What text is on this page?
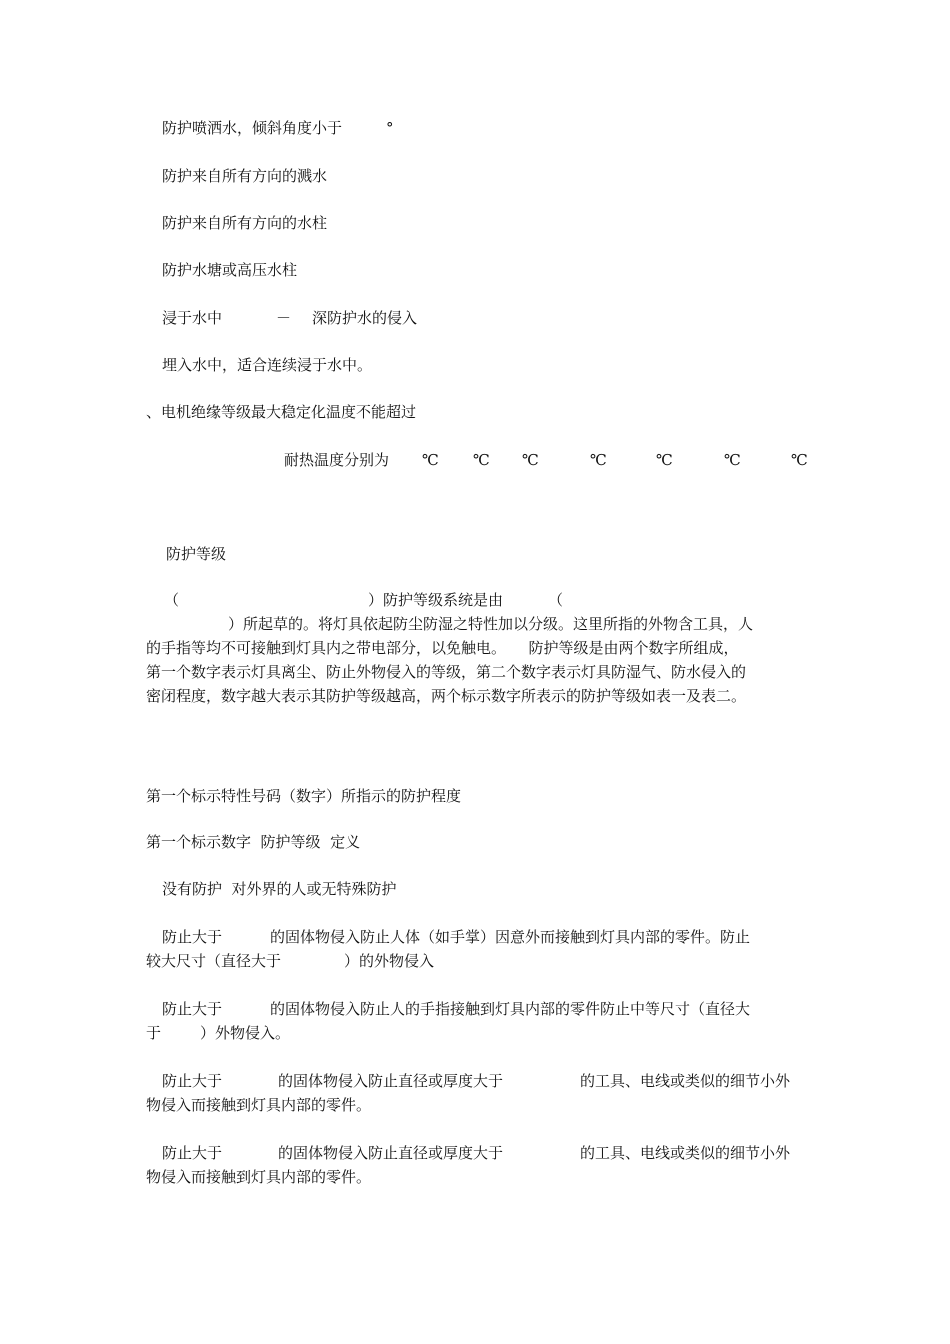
防护喷洒水，倾斜角度小于	°
防护来自所有方向的溅水
防护来自所有方向的水柱
防护水塘或高压水柱
浸于水中	－ 深防护水的侵入
埋入水中，适合连续浸于水中。
、电机绝缘等级最大稳定化温度不能超过
耐热温度分别为 ℃ ℃ ℃	℃	℃	℃	℃
防护等级
（	）防护等级系统是由	（
）所起草的。将灯具依起防尘防湿之特性加以分级。这里所指的外物含工具，人
的手指等均不可接触到灯具内之带电部分，以免触电。　　防护等级是由两个数字所组成，
第一个数字表示灯具离尘、防止外物侵入的等级，第二个数字表示灯具防湿气、防水侵入的
密闭程度，数字越大表示其防护等级越高，两个标示数字所表示的防护等级如表一及表二。
第一个标示特性号码（数字）所指示的防护程度
第一个标示数字  防护等级  定义
没有防护  对外界的人或无特殊防护
防止大于	的固体物侵入防止人体（如手掌）因意外而接触到灯具内部的零件。防止
较大尺寸（直径大于	）的外物侵入
防止大于	的固体物侵入防止人的手指接触到灯具内部的零件防止中等尺寸（直径大
于	）外物侵入。
防止大于	的固体物侵入防止直径或厚度大于	的工具、电线或类似的细节小外
物侵入而接触到灯具内部的零件。
防止大于	的固体物侵入防止直径或厚度大于	的工具、电线或类似的细节小外
物侵入而接触到灯具内部的零件。
